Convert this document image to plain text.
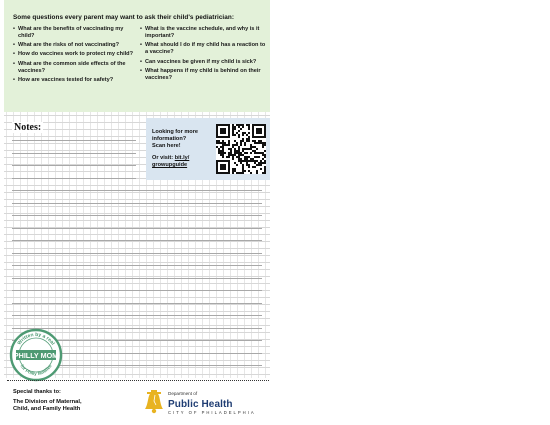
Some questions every parent may want to ask their child's pediatrician:
• What are the benefits of vaccinating my child?
• What are the risks of not vaccinating?
• How do vaccines work to protect my child?
• What are the common side effects of the vaccines?
• How are vaccines tested for safety?
• What is the vaccine schedule, and why is it important?
• What should I do if my child has a reaction to a vaccine?
• Can vaccines be given if my child is sick?
• What happens if my child is behind on their vaccines?
Notes:	Looking for more information?
Scan here!
Or visit: bit.ly/
growupguide
Written by a real
PHILLY MOM
for Philly families
Special thanks to:
The Division of Maternal,
Child, and Family Health
Department of
Public Health
CITY OF PHILADELPHIA
